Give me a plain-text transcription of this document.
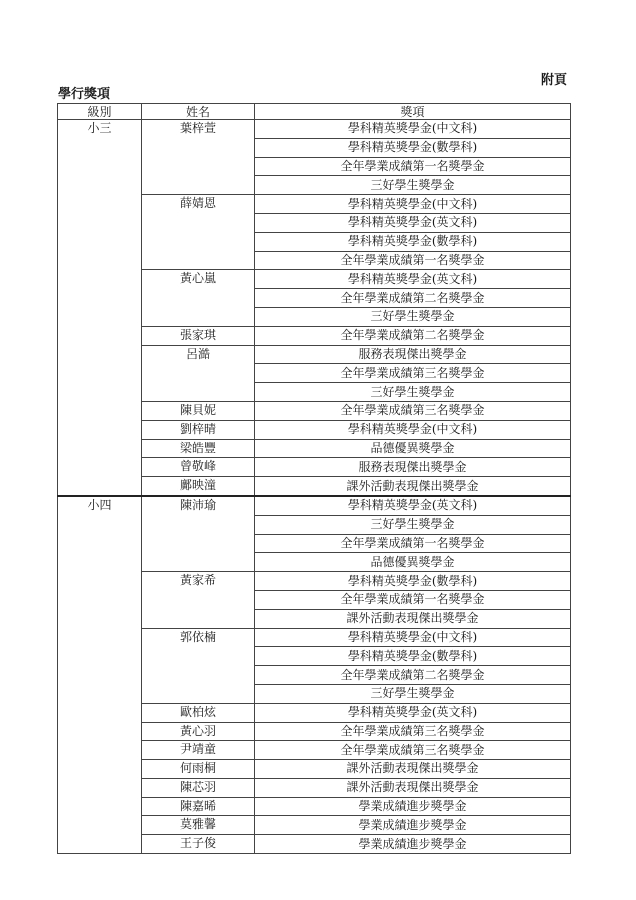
附頁
學行獎項
級別	姓名	獎項
小三	葉梓萱	學科精英獎學金(中文科)
		學科精英獎學金(數學科)
		全年學業成績第一名獎學金
		三好學生獎學金
	薛婧恩	學科精英獎學金(中文科)
		學科精英獎學金(英文科)
		學科精英獎學金(數學科)
		全年學業成績第一名獎學金
	黃心嵐	學科精英獎學金(英文科)
		全年學業成績第二名獎學金
		三好學生獎學金
	張家琪	全年學業成績第二名獎學金
	呂澔	服務表現傑出獎學金
		全年學業成績第三名獎學金
		三好學生獎學金
	陳貝妮	全年學業成績第三名獎學金
	劉梓晴	學科精英獎學金(中文科)
	梁皓豐	品德優異獎學金
	曾敬峰	服務表現傑出獎學金
	鄺映潼	課外活動表現傑出獎學金
小四	陳沛瑜	學科精英獎學金(英文科)
		三好學生獎學金
		全年學業成績第一名獎學金
		品德優異獎學金
	黃家希	學科精英獎學金(數學科)
		全年學業成績第一名獎學金
		課外活動表現傑出獎學金
	郭依楠	學科精英獎學金(中文科)
		學科精英獎學金(數學科)
		全年學業成績第二名獎學金
		三好學生獎學金
	歐柏炫	學科精英獎學金(英文科)
	黃心羽	全年學業成績第三名獎學金
	尹靖童	全年學業成績第三名獎學金
	何雨桐	課外活動表現傑出獎學金
	陳芯羽	課外活動表現傑出獎學金
	陳嘉晞	學業成績進步獎學金
	莫雅馨	學業成績進步獎學金
	王子俊	學業成績進步獎學金
